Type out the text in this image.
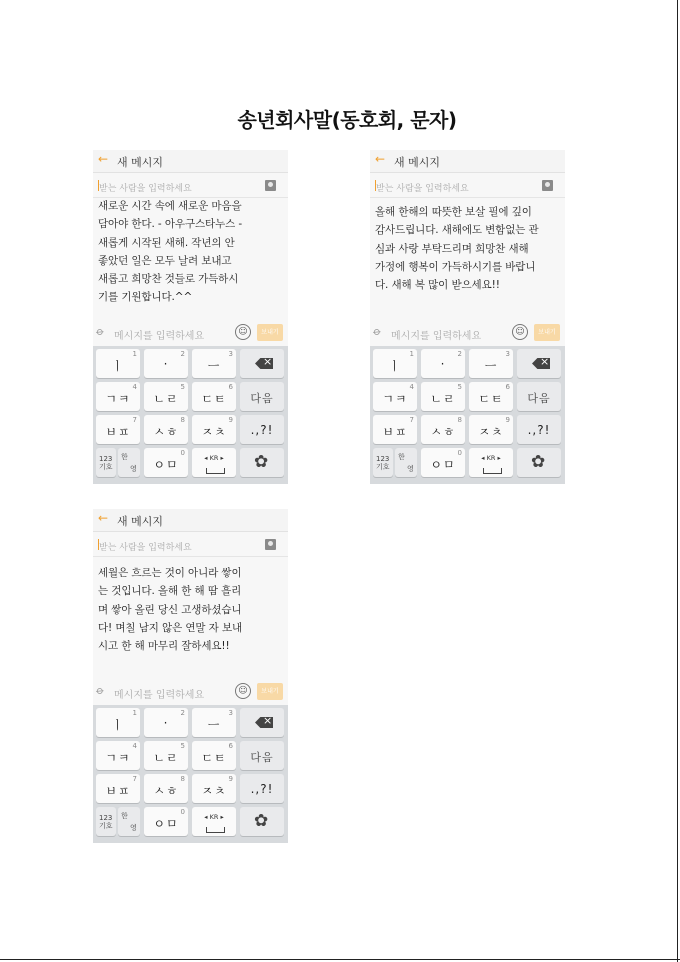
송년회사말(동호회, 문자)
← 새 메시지
받는 사람을 입력하세요
새로운 시간 속에 새로운 마음을
담아야 한다. - 아우구스타누스 -
새롭게 시작된 새해. 작년의 안
좋았던 일은 모두 날려 보내고
새롭고 희망찬 것들로 가득하시
기를 기원합니다.^^
⌀ 메시지를 입력하세요	☺	보내기
ㅣ
1
·
2
ㅡ
3
×
ㄱㅋ
4
ㄴㄹ
5
ㄷㅌ
6
다음
ㅂㅍ
7
ㅅㅎ
8
ㅈㅊ
9
.,?!
123
기호
한
영	ㅇㅁ
0
◂ KR ▸	✿
← 새 메시지
받는 사람을 입력하세요
올해 한해의 따뜻한 보살 필에 깊이
감사드립니다. 새해에도 변함없는 관
심과 사랑 부탁드리며 희망찬 새해
가정에 행복이 가득하시기를 바랍니
다. 새해 복 많이 받으세요!!
⌀ 메시지를 입력하세요	☺	보내기
ㅣ
1
·
2
ㅡ
3
×
ㄱㅋ
4
ㄴㄹ
5
ㄷㅌ
6
다음
ㅂㅍ
7
ㅅㅎ
8
ㅈㅊ
9
.,?!
123
기호
한
영	ㅇㅁ
0
◂ KR ▸	✿
← 새 메시지
받는 사람을 입력하세요
세월은 흐르는 것이 아니라 쌓이
는 것입니다. 올해 한 해 땀 흘리
며 쌓아 올린 당신 고생하셨습니
다! 며칠 남지 않은 연말 자 보내
시고 한 해 마무리 잘하세요!!
⌀ 메시지를 입력하세요	☺	보내기
ㅣ
1
·
2
ㅡ
3
×
ㄱㅋ
4
ㄴㄹ
5
ㄷㅌ
6
다음
ㅂㅍ
7
ㅅㅎ
8
ㅈㅊ
9
.,?!
123
기호
한
영	ㅇㅁ
0
◂ KR ▸	✿
